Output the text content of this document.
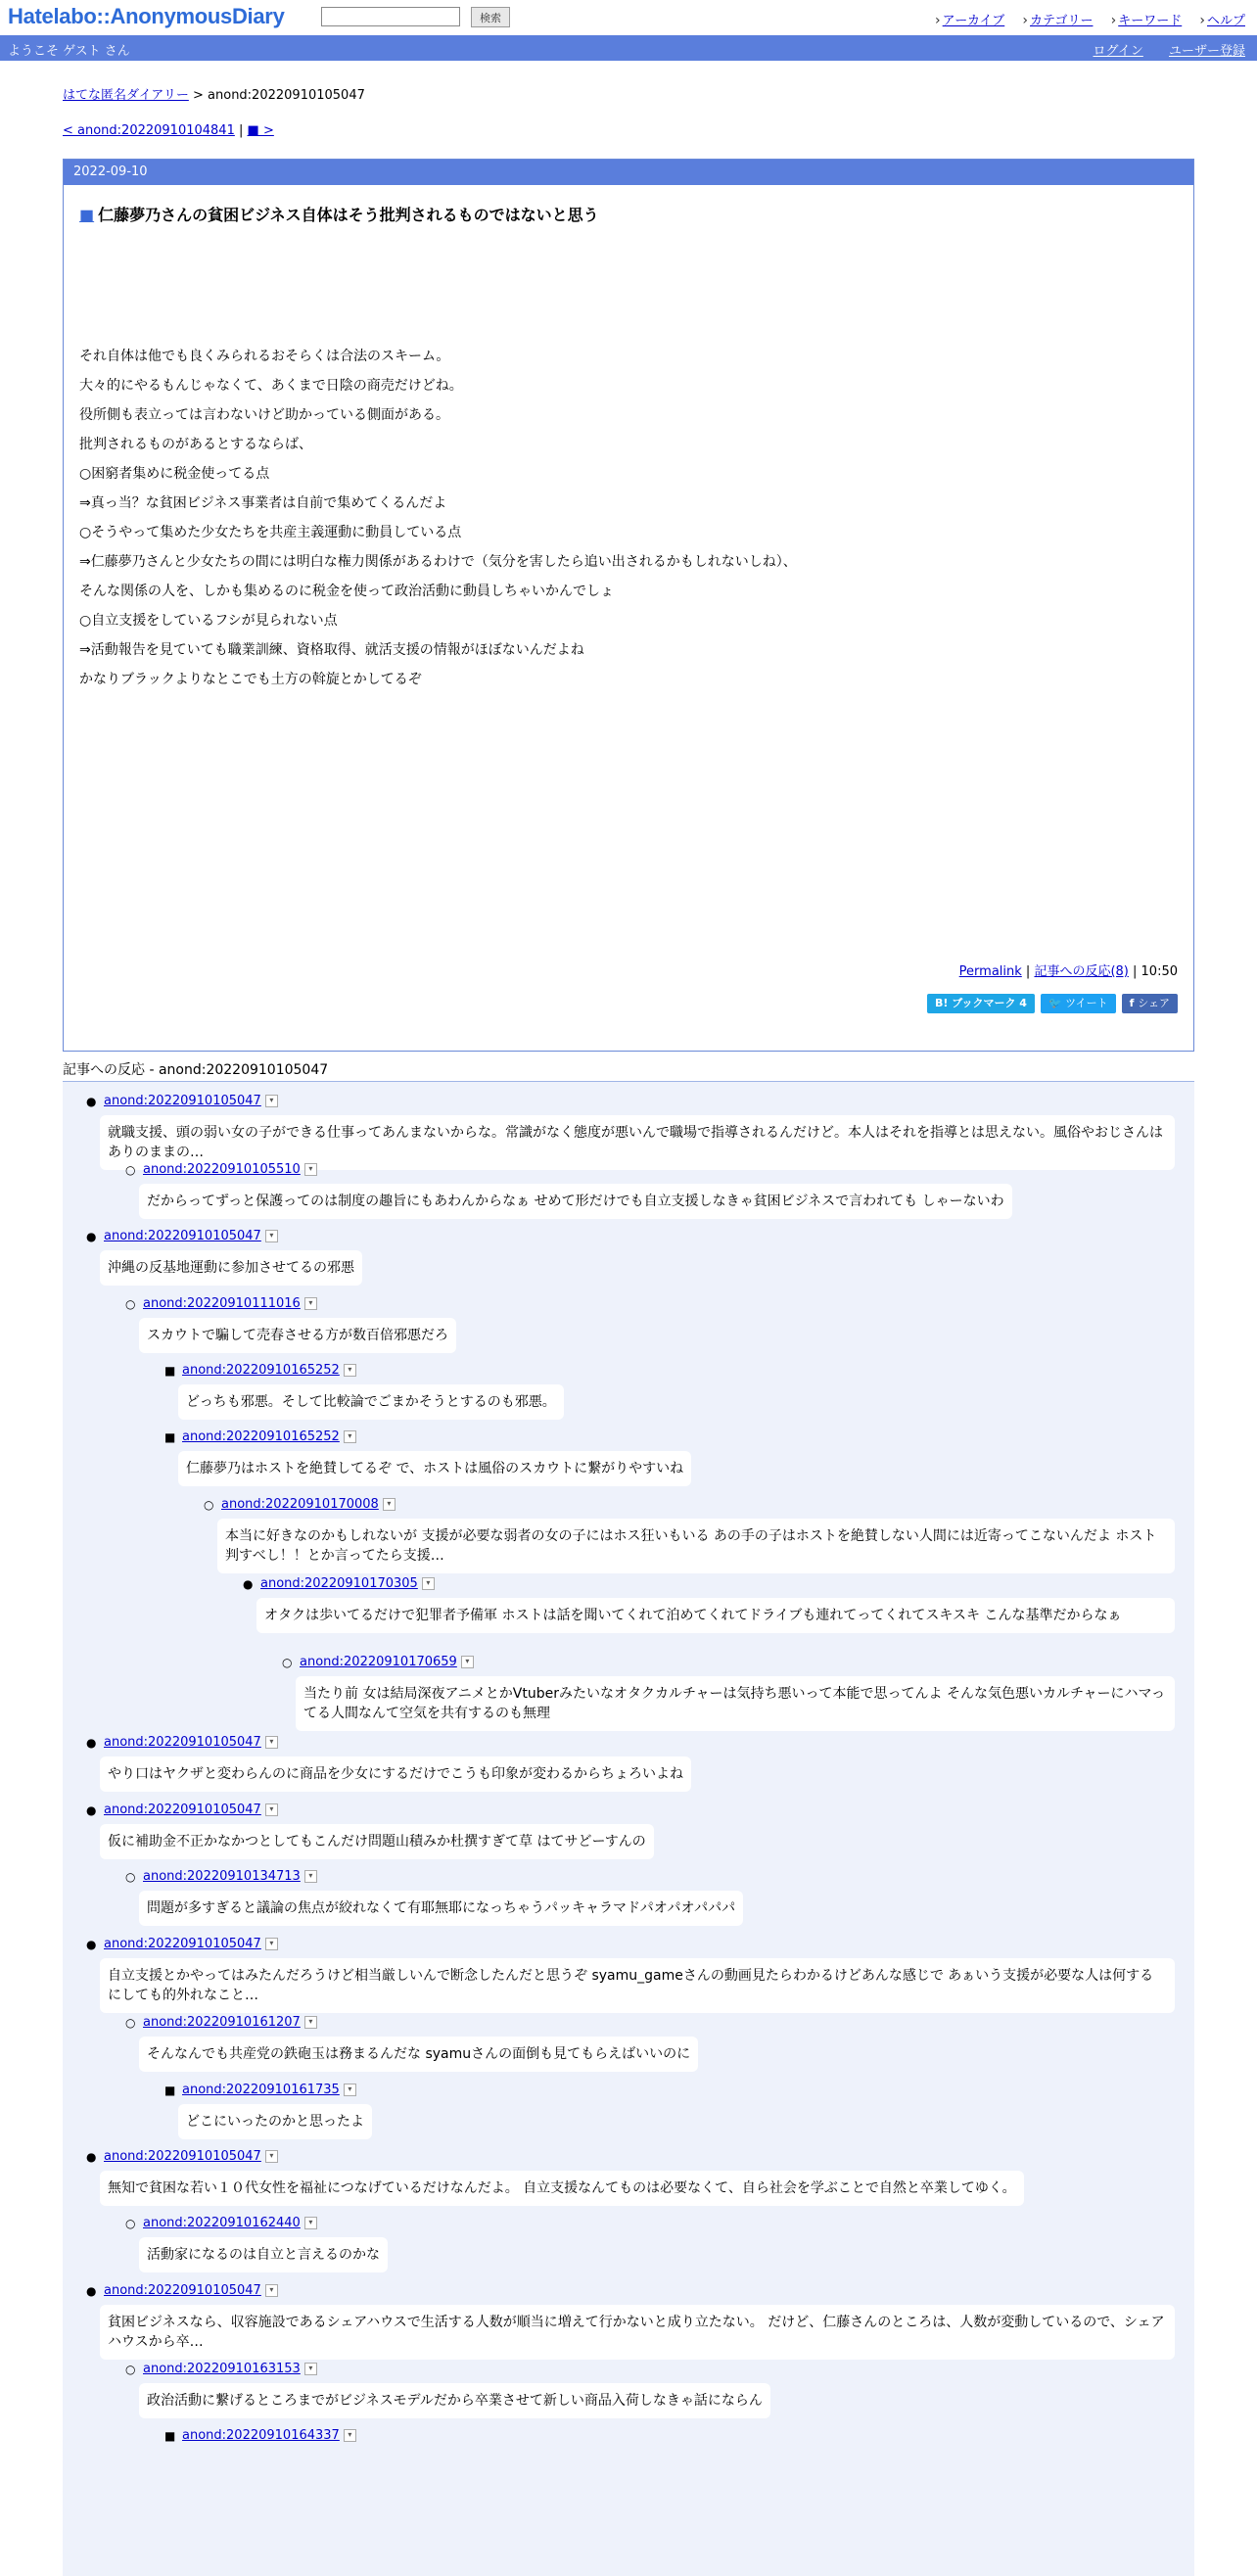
Hatelabo::AnonymousDiary	検索	› アーカイブ › カテゴリー › キーワード › ヘルプ
ようこそ ゲスト さん	ログイン ユーザー登録
はてな匿名ダイアリー > anond:20220910105047
< anond:20220910104841 | ■ >
2022-09-10
■ 仁藤夢乃さんの貧困ビジネス自体はそう批判されるものではないと思う

それ自体は他でも良くみられるおそらくは合法のスキーム。

大々的にやるもんじゃなくて、あくまで日陰の商売だけどね。

役所側も表立っては言わないけど助かっている側面がある。

批判されるものがあるとするならば、

○困窮者集めに税金使ってる点

⇒真っ当？な貧困ビジネス事業者は自前で集めてくるんだよ

○そうやって集めた少女たちを共産主義運動に動員している点

⇒仁藤夢乃さんと少女たちの間には明白な権力関係があるわけで（気分を害したら追い出されるかもしれないしね）、

そんな関係の人を、しかも集めるのに税金を使って政治活動に動員しちゃいかんでしょ

○自立支援をしているフシが見られない点

⇒活動報告を見ていても職業訓練、資格取得、就活支援の情報がほぼないんだよね

かなりブラックよりなとこでも土方の斡旋とかしてるぞ

Permalink | 記事への反応(8) | 10:50
B! ブックマーク 4	🐦 ツイート	f シェア
記事への反応 - anond:20220910105047
● anond:20220910105047 ▾
就職支援、頭の弱い女の子ができる仕事ってあんまないからな。常識がなく態度が悪いんで職場で指導されるんだけど。本人はそれを指導とは思えない。風俗やおじさんはありのままの…
○ anond:20220910105510 ▾
だからってずっと保護ってのは制度の趣旨にもあわんからなぁ せめて形だけでも自立支援しなきゃ貧困ビジネスで言われても しゃーないわ
● anond:20220910105047 ▾
沖縄の反基地運動に参加させてるの邪悪
○ anond:20220910111016 ▾
スカウトで騙して売春させる方が数百倍邪悪だろ
■ anond:20220910165252 ▾
どっちも邪悪。そして比較論でごまかそうとするのも邪悪。
■ anond:20220910165252 ▾
仁藤夢乃はホストを絶賛してるぞ で、ホストは風俗のスカウトに繋がりやすいね
○ anond:20220910170008 ▾
本当に好きなのかもしれないが 支援が必要な弱者の女の子にはホス狂いもいる あの手の子はホストを絶賛しない人間には近寄ってこないんだよ ホスト判すべし！！とか言ってたら支援…
● anond:20220910170305 ▾
オタクは歩いてるだけで犯罪者予備軍 ホストは話を聞いてくれて泊めてくれてドライブも連れてってくれてスキスキ こんな基準だからなぁ
○ anond:20220910170659 ▾
当たり前 女は結局深夜アニメとかVtuberみたいなオタクカルチャーは気持ち悪いって本能で思ってんよ そんな気色悪いカルチャーにハマってる人間なんて空気を共有するのも無理
● anond:20220910105047 ▾
やり口はヤクザと変わらんのに商品を少女にするだけでこうも印象が変わるからちょろいよね
● anond:20220910105047 ▾
仮に補助金不正かなかつとしてもこんだけ問題山積みか杜撰すぎて草 はてサどーすんの
○ anond:20220910134713 ▾
問題が多すぎると議論の焦点が絞れなくて有耶無耶になっちゃうパッキャラマドパオパオパパパ
● anond:20220910105047 ▾
自立支援とかやってはみたんだろうけど相当厳しいんで断念したんだと思うぞ syamu_gameさんの動画見たらわかるけどあんな感じで あぁいう支援が必要な人は何するにしても的外れなこと…
○ anond:20220910161207 ▾
そんなんでも共産党の鉄砲玉は務まるんだな syamuさんの面倒も見てもらえばいいのに
■ anond:20220910161735 ▾
どこにいったのかと思ったよ
● anond:20220910105047 ▾
無知で貧困な若い１０代女性を福祉につなげているだけなんだよ。 自立支援なんてものは必要なくて、自ら社会を学ぶことで自然と卒業してゆく。
○ anond:20220910162440 ▾
活動家になるのは自立と言えるのかな
● anond:20220910105047 ▾
貧困ビジネスなら、収容施設であるシェアハウスで生活する人数が順当に増えて行かないと成り立たない。 だけど、仁藤さんのところは、人数が変動しているので、シェアハウスから卒…
○ anond:20220910163153 ▾
政治活動に繋げるところまでがビジネスモデルだから卒業させて新しい商品入荷しなきゃ話にならん
■ anond:20220910164337 ▾
